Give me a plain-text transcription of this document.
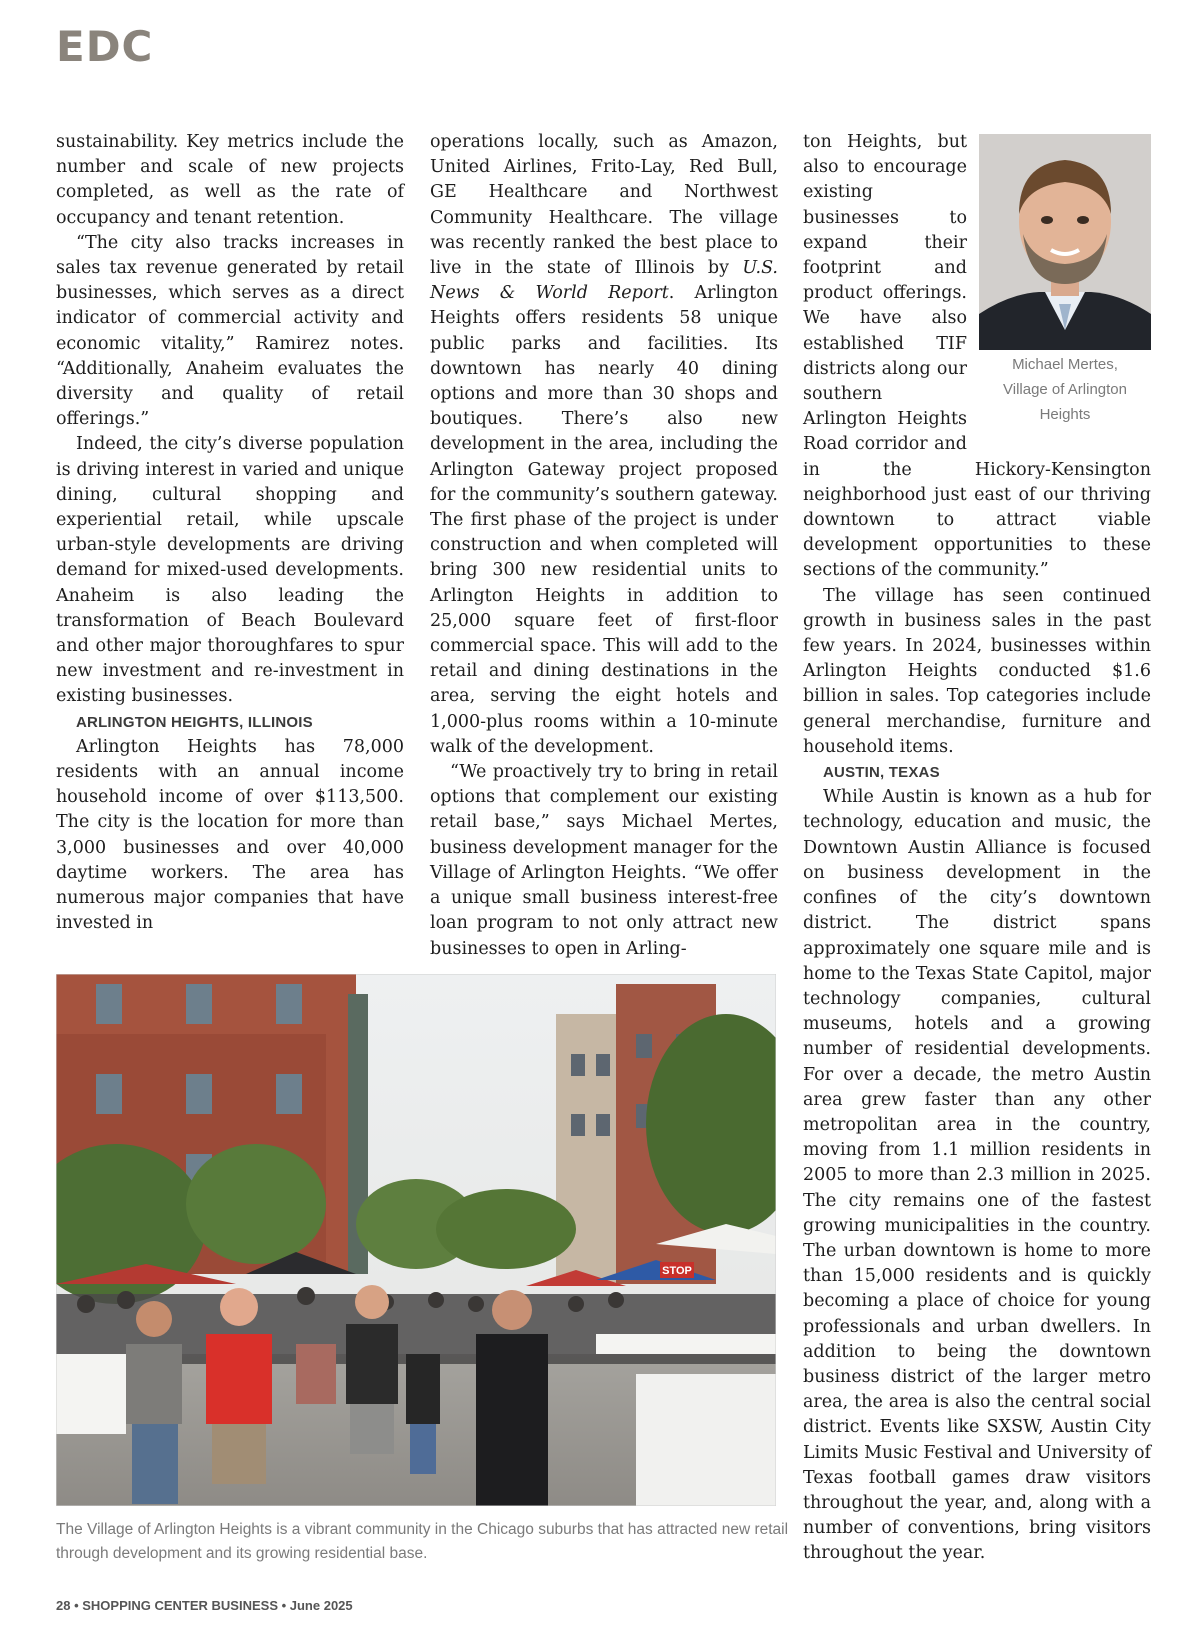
EDC

sustainability. Key metrics include the number and scale of new projects completed, as well as the rate of occupancy and tenant retention.

“The city also tracks increases in sales tax revenue generated by retail businesses, which serves as a direct indicator of commercial activity and economic vitality,” Ramirez notes. “Additionally, Anaheim evaluates the diversity and quality of retail offerings.”

Indeed, the city’s diverse population is driving interest in varied and unique dining, cultural shopping and experiential retail, while upscale urban-style developments are driving demand for mixed-used developments. Anaheim is also leading the transformation of Beach Boulevard and other major thoroughfares to spur new investment and re-investment in existing businesses.

ARLINGTON HEIGHTS, ILLINOIS

Arlington Heights has 78,000 residents with an annual income household income of over $113,500. The city is the location for more than 3,000 businesses and over 40,000 daytime workers. The area has numerous major companies that have invested in

operations locally, such as Amazon, United Airlines, Frito-Lay, Red Bull, GE Healthcare and Northwest Community Healthcare. The village was recently ranked the best place to live in the state of Illinois by U.S. News & World Report. Arlington Heights offers residents 58 unique public parks and facilities. Its downtown has nearly 40 dining options and more than 30 shops and boutiques. There’s also new development in the area, including the Arlington Gateway project proposed for the community’s southern gateway. The first phase of the project is under construction and when completed will bring 300 new residential units to Arlington Heights in addition to 25,000 square feet of first-floor commercial space. This will add to the retail and dining destinations in the area, serving the eight hotels and 1,000-plus rooms within a 10-minute walk of the development.

“We proactively try to bring in retail options that complement our existing retail base,” says Michael Mertes, business development manager for the Village of Arlington Heights. “We offer a unique small business interest-free loan program to not only attract new businesses to open in Arling-

Michael Mertes,
Village of Arlington Heights

ton Heights, but also to encourage existing businesses to expand their footprint and product offerings. We have also established TIF districts along our southern Arlington Heights Road corridor and in the Hickory-Kensington neighborhood just east of our thriving downtown to attract viable development opportunities to these sections of the community.”

The village has seen continued growth in business sales in the past few years. In 2024, businesses within Arlington Heights conducted $1.6 billion in sales. Top categories include general merchandise, furniture and household items.

AUSTIN, TEXAS

While Austin is known as a hub for technology, education and music, the Downtown Austin Alliance is focused on business development in the confines of the city’s downtown district. The district spans approximately one square mile and is home to the Texas State Capitol, major technology companies, cultural museums, hotels and a growing number of residential developments. For over a decade, the metro Austin area grew faster than any other metropolitan area in the country, moving from 1.1 million residents in 2005 to more than 2.3 million in 2025. The city remains one of the fastest growing municipalities in the country. The urban downtown is home to more than 15,000 residents and is quickly becoming a place of choice for young professionals and urban dwellers. In addition to being the downtown business district of the larger metro area, the area is also the central social district. Events like SXSW, Austin City Limits Music Festival and University of Texas football games draw visitors throughout the year, and, along with a number of conventions, bring visitors throughout the year.

STOP
The Village of Arlington Heights is a vibrant community in the Chicago suburbs that has attracted new retail through development and its growing residential base.
28 • SHOPPING CENTER BUSINESS • June 2025
